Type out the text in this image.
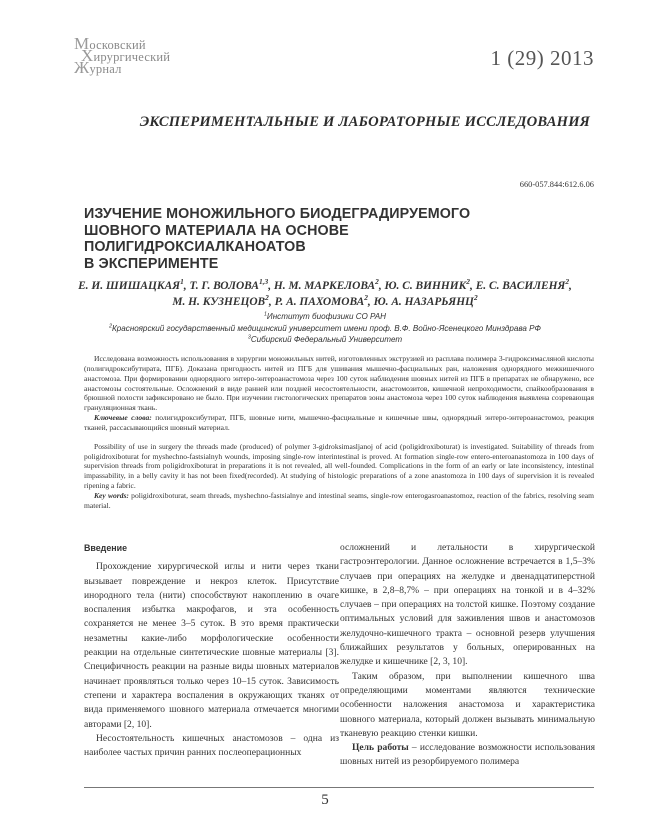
Московский
Хирургический
Журнал	1 (29) 2013
ЭКСПЕРИМЕНТАЛЬНЫЕ И ЛАБОРАТОРНЫЕ ИССЛЕДОВАНИЯ
660-057.844:612.6.06
ИЗУЧЕНИЕ МОНОЖИЛЬНОГО БИОДЕГРАДИРУЕМОГО
ШОВНОГО МАТЕРИАЛА НА ОСНОВЕ ПОЛИГИДРОКСИАЛКАНОАТОВ
В ЭКСПЕРИМЕНТЕ
Е. И. ШИШАЦКАЯ$^1$, Т. Г. ВОЛОВА$^{1,3}$, Н. М. МАРКЕЛОВА$^2$, Ю. С. ВИННИК$^2$, Е. С. ВАСИЛЕНЯ$^2$,
М. Н. КУЗНЕЦОВ$^2$, Р. А. ПАХОМОВА$^2$, Ю. А. НАЗАРЬЯНЦ$^2$
$^1$Институт биофизики СО РАН
$^2$Красноярский государственный медицинский университет имени проф. В.Ф. Войно-Ясенецкого Минздрава РФ
$^3$Сибирский Федеральный Университет

Исследована возможность использования в хирургии моножильных нитей, изготовленных экструзией из расплава полимера 3-гидроксимасляной кислоты (полигидроксибутирата, ПГБ). Доказана пригодность нитей из ПГБ для ушивания мышечно-фасциальных ран, наложения однорядного межкишечного анастомоза. При формировании однорядного энтеро-энтероанастомоза через 100 суток наблюдения шовных нитей из ПГБ в препаратах не обнаружено, все анастомозы состоятельные. Осложнений в виде ранней или поздней несостоятельности, анастомозитов, кишечной непроходимости, спайкообразования в брюшной полости зафиксировано не было. При изучении гистологических препаратов зоны анастомоза через 100 суток наблюдения выявлена созревающая грануляционная ткань.

Ключевые слова: полигидроксибутират, ПГБ, шовные нити, мышечно-фасциальные и кишечные швы, однорядный энтеро-энтероанастомоз, реакция тканей, рассасывающийся шовный материал.

Possibility of use in surgery the threads made (produced) of polymer 3-gidroksimaslјanoj of acid (poligidroxiboturat) is investigated. Suitability of threads from poligidroxiboturat for myshechno-fastsialnyh wounds, imposing single-row interintestinal is proved. At formation single-row entero-enteroanastomoza in 100 days of supervision threads from poligidroxiboturat in preparations it is not revealed, all well-founded. Complications in the form of an early or late inconsistency, intestinal impassability, in a belly cavity it has not been fixed(recorded). At studying of histologic preparations of a zone anastomoza in 100 days of supervision it is revealed ripening a fabric.

Key words: poligidroxiboturat, seam threads, myshechno-fastsialnye and intestinal seams, single-row enterogasroanastomoz, reaction of the fabrics, resolving seam material.

Введение

Прохождение хирургической иглы и нити через ткани вызывает повреждение и некроз клеток. Присутствие инородного тела (нити) способствуют накоплению в очаге воспаления избытка макрофагов, и эта особенность сохраняется не менее 3–5 суток. В это время практически незаметны какие-либо морфологические особенности реакции на отдельные синтетические шовные материалы [3]. Специфичность реакции на разные виды шовных материалов начинает проявляться только через 10–15 суток. Зависимость степени и характера воспаления в окружающих тканях от вида применяемого шовного материала отмечается многими авторами [2, 10].

Несостоятельность кишечных анастомозов – одна из наиболее частых причин ранних послеоперационных

осложнений и летальности в хирургической гастроэнтерологии. Данное осложнение встречается в 1,5–3% случаев при операциях на желудке и двенадцатиперстной кишке, в 2,8–8,7% – при операциях на тонкой и в 4–32% случаев – при операциях на толстой кишке. Поэтому создание оптимальных условий для заживления швов и анастомозов желудочно-кишечного тракта – основной резерв улучшения ближайших результатов у больных, оперированных на желудке и кишечнике [2, 3, 10].

Таким образом, при выполнении кишечного шва определяющими моментами являются технические особенности наложения анастомоза и характеристика шовного материала, который должен вызывать минимальную тканевую реакцию стенки кишки.

Цель работы – исследование возможности использования шовных нитей из резорбируемого полимера

5
